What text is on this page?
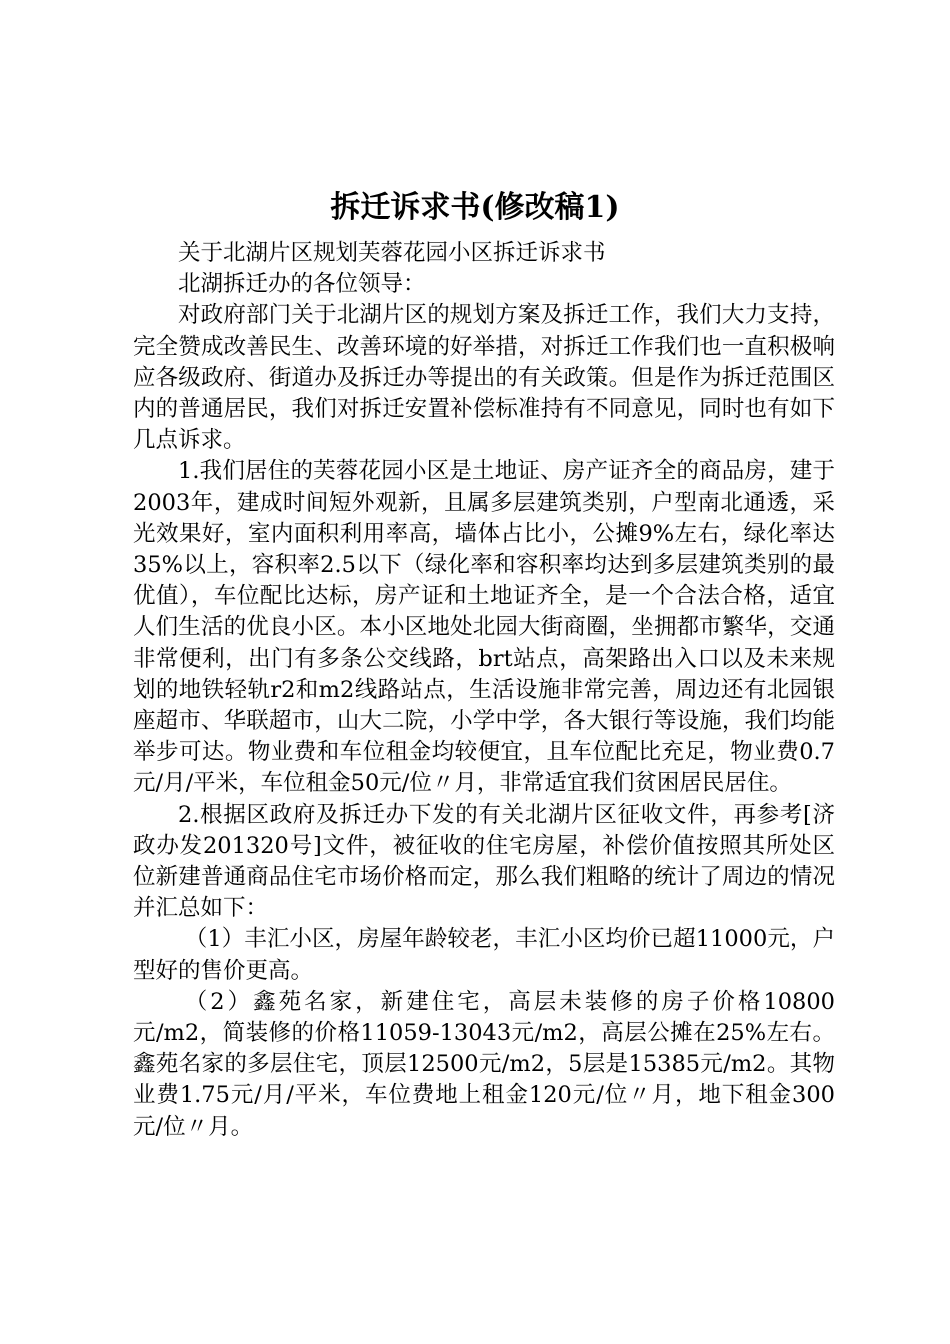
拆迁诉求书(修改稿1)

关于北湖片区规划芙蓉花园小区拆迁诉求书

北湖拆迁办的各位领导：

对政府部门关于北湖片区的规划方案及拆迁工作，我们大力支持，完全赞成改善民生、改善环境的好举措，对拆迁工作我们也一直积极响应各级政府、街道办及拆迁办等提出的有关政策。但是作为拆迁范围区内的普通居民，我们对拆迁安置补偿标准持有不同意见，同时也有如下几点诉求。

1.我们居住的芙蓉花园小区是土地证、房产证齐全的商品房，建于2003年，建成时间短外观新，且属多层建筑类别，户型南北通透，采光效果好，室内面积利用率高，墙体占比小，公摊9%左右，绿化率达35%以上，容积率2.5以下（绿化率和容积率均达到多层建筑类别的最优值），车位配比达标，房产证和土地证齐全，是一个合法合格，适宜人们生活的优良小区。本小区地处北园大街商圈，坐拥都市繁华，交通非常便利，出门有多条公交线路，brt站点，高架路出入口以及未来规划的地铁轻轨r2和m2线路站点，生活设施非常完善，周边还有北园银座超市、华联超市，山大二院，小学中学，各大银行等设施，我们均能举步可达。物业费和车位租金均较便宜，且车位配比充足，物业费0.7元/月/平米，车位租金50元/位〃月，非常适宜我们贫困居民居住。

2.根据区政府及拆迁办下发的有关北湖片区征收文件，再参考[济政办发201320号]文件，被征收的住宅房屋，补偿价值按照其所处区位新建普通商品住宅市场价格而定，那么我们粗略的统计了周边的情况并汇总如下：

（1）丰汇小区，房屋年龄较老，丰汇小区均价已超11000元，户型好的售价更高。

（2）鑫苑名家，新建住宅，高层未装修的房子价格10800元/m2，简装修的价格11059-13043元/m2，高层公摊在25%左右。鑫苑名家的多层住宅，顶层12500元/m2，5层是15385元/m2。其物业费1.75元/月/平米，车位费地上租金120元/位〃月，地下租金300元/位〃月。
